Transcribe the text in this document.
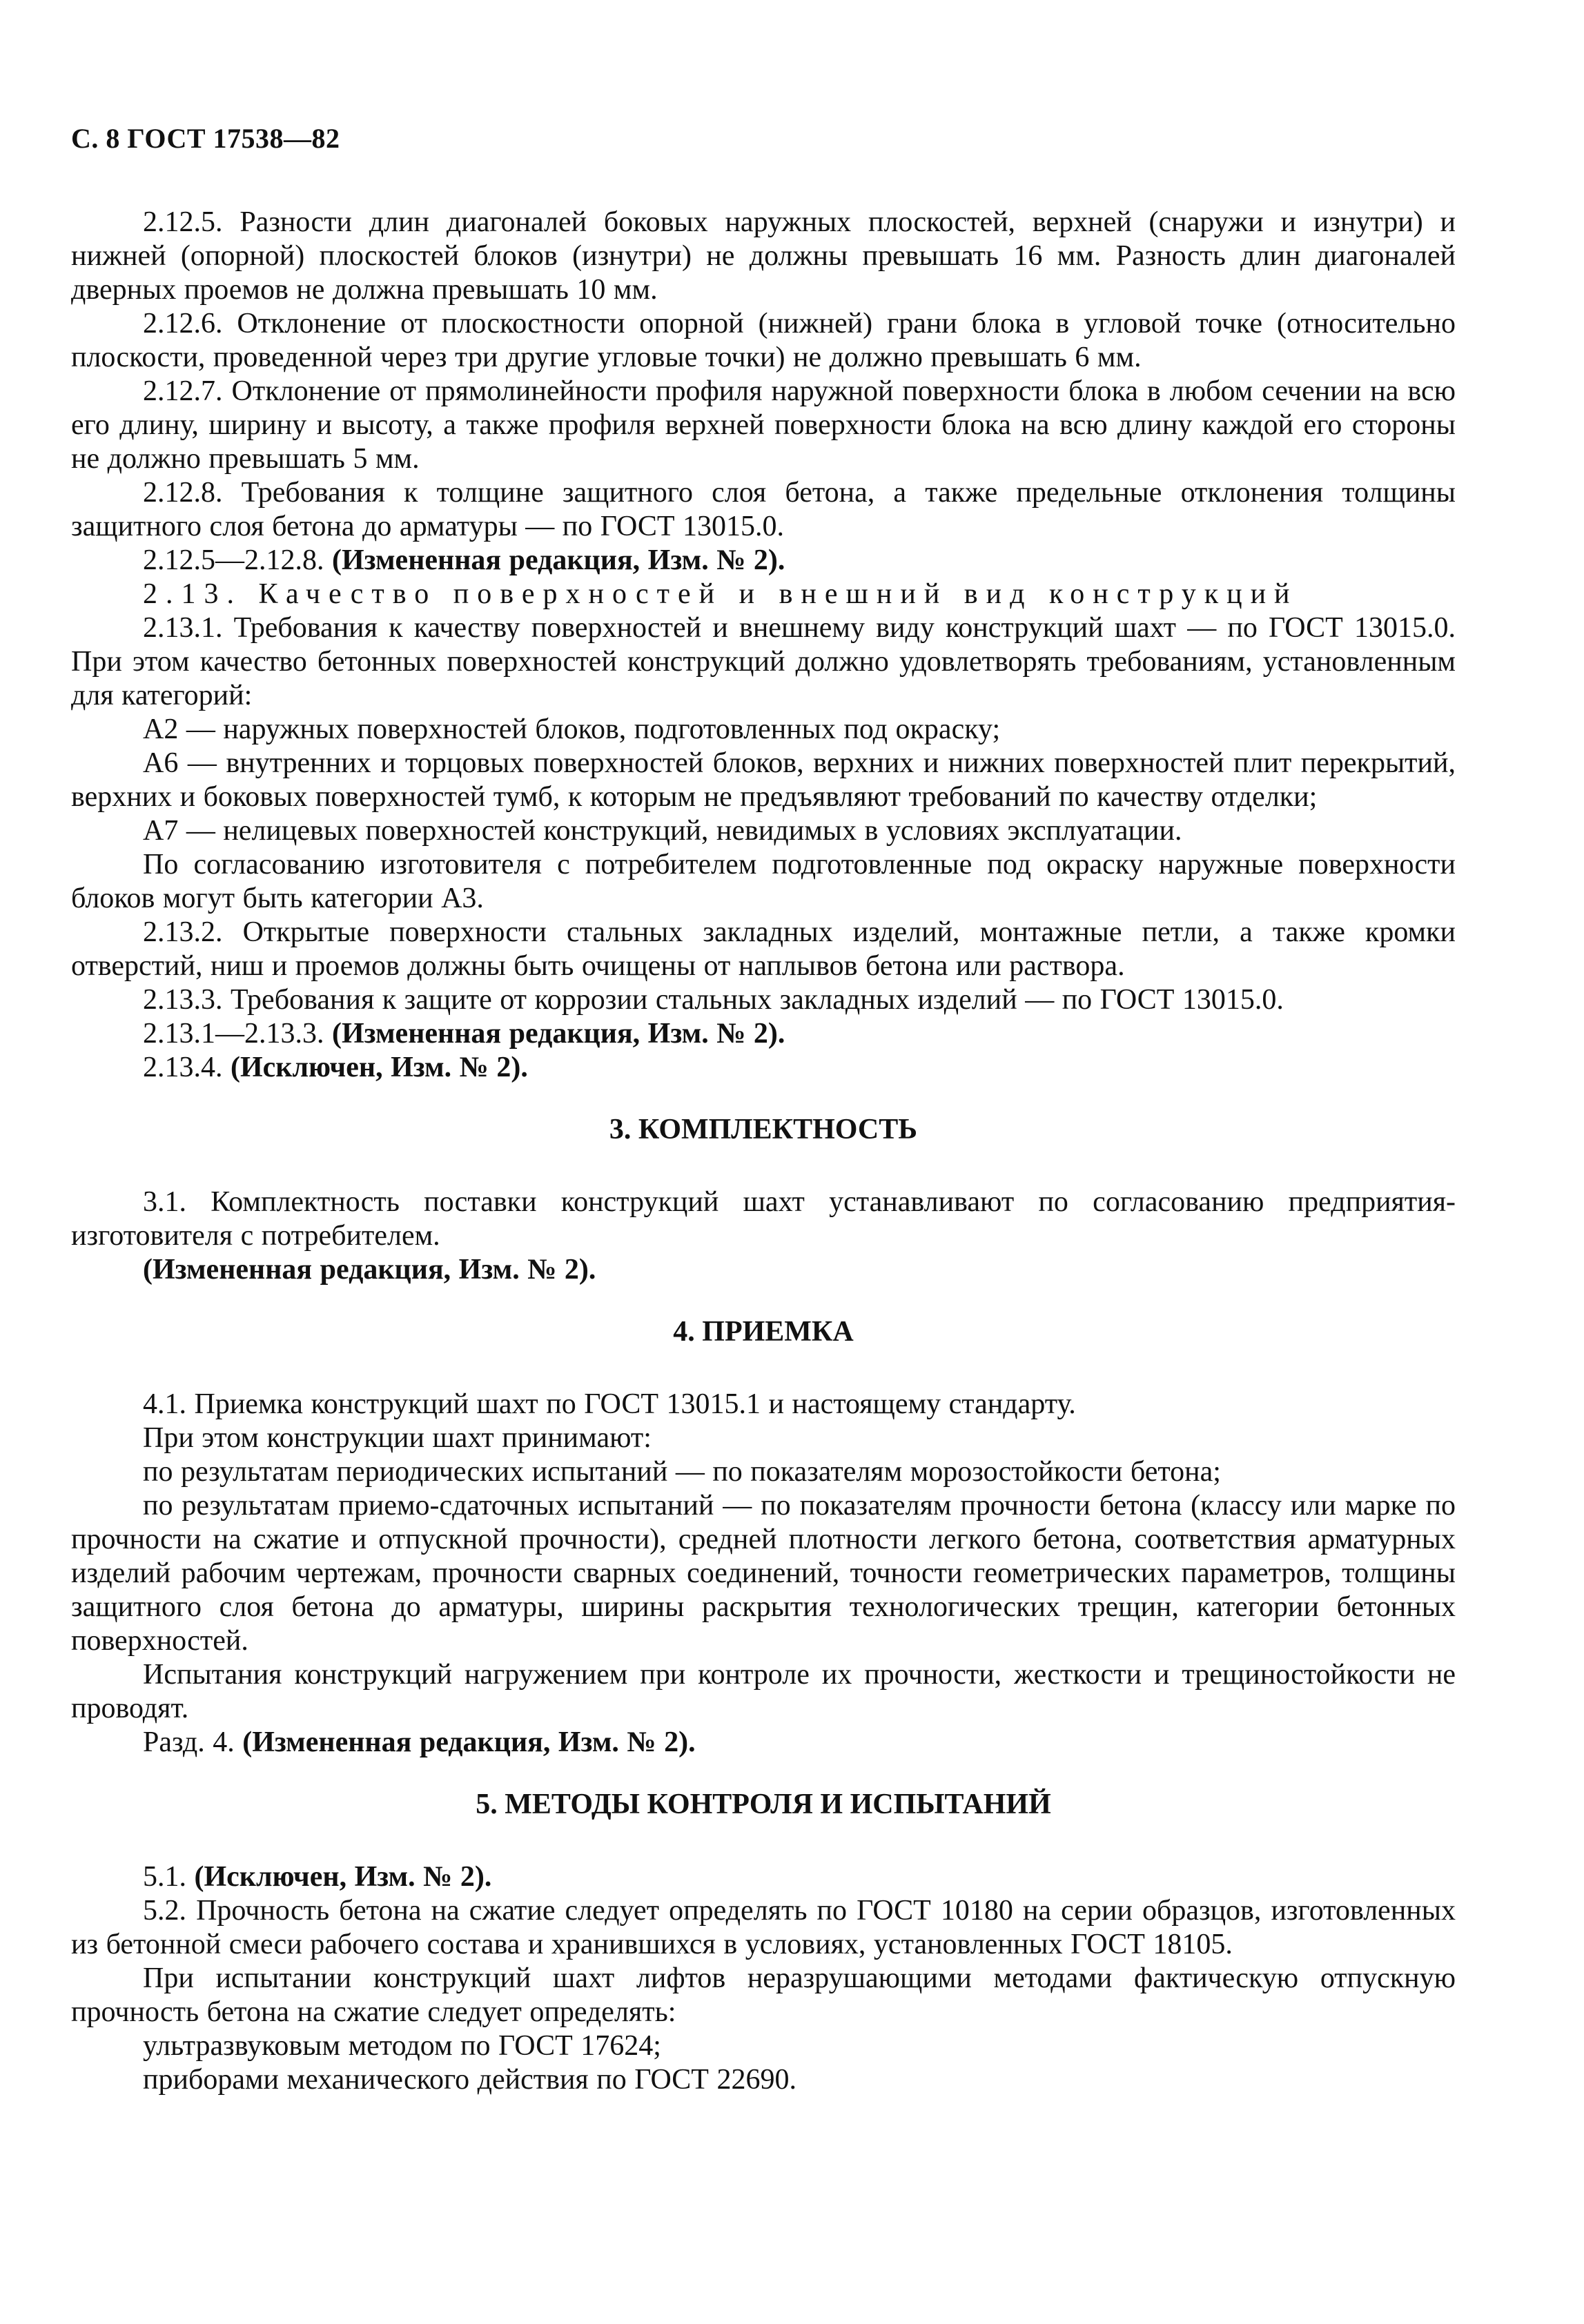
С. 8 ГОСТ 17538—82

2.12.5. Разности длин диагоналей боковых наружных плоскостей, верхней (снаружи и изнутри) и нижней (опорной) плоскостей блоков (изнутри) не должны превышать 16 мм. Разность длин диагоналей дверных проемов не должна превышать 10 мм.

2.12.6. Отклонение от плоскостности опорной (нижней) грани блока в угловой точке (относительно плоскости, проведенной через три другие угловые точки) не должно превышать 6 мм.

2.12.7. Отклонение от прямолинейности профиля наружной поверхности блока в любом сечении на всю его длину, ширину и высоту, а также профиля верхней поверхности блока на всю длину каждой его стороны не должно превышать 5 мм.

2.12.8. Требования к толщине защитного слоя бетона, а также предельные отклонения толщины защитного слоя бетона до арматуры — по ГОСТ 13015.0.

2.12.5—2.12.8. (Измененная редакция, Изм. № 2).

2.13. Качество поверхностей и внешний вид конструкций

2.13.1. Требования к качеству поверхностей и внешнему виду конструкций шахт — по ГОСТ 13015.0. При этом качество бетонных поверхностей конструкций должно удовлетворять требованиям, установленным для категорий:

А2 — наружных поверхностей блоков, подготовленных под окраску;

А6 — внутренних и торцовых поверхностей блоков, верхних и нижних поверхностей плит перекрытий, верхних и боковых поверхностей тумб, к которым не предъявляют требований по качеству отделки;

А7 — нелицевых поверхностей конструкций, невидимых в условиях эксплуатации.

По согласованию изготовителя с потребителем подготовленные под окраску наружные поверхности блоков могут быть категории А3.

2.13.2. Открытые поверхности стальных закладных изделий, монтажные петли, а также кромки отверстий, ниш и проемов должны быть очищены от наплывов бетона или раствора.

2.13.3. Требования к защите от коррозии стальных закладных изделий — по ГОСТ 13015.0.

2.13.1—2.13.3. (Измененная редакция, Изм. № 2).

2.13.4. (Исключен, Изм. № 2).

3. КОМПЛЕКТНОСТЬ

3.1. Комплектность поставки конструкций шахт устанавливают по согласованию предприятия-изготовителя с потребителем.

(Измененная редакция, Изм. № 2).

4. ПРИЕМКА

4.1. Приемка конструкций шахт по ГОСТ 13015.1 и настоящему стандарту.

При этом конструкции шахт принимают:

по результатам периодических испытаний — по показателям морозостойкости бетона;

по результатам приемо-сдаточных испытаний — по показателям прочности бетона (классу или марке по прочности на сжатие и отпускной прочности), средней плотности легкого бетона, соответствия арматурных изделий рабочим чертежам, прочности сварных соединений, точности геометрических параметров, толщины защитного слоя бетона до арматуры, ширины раскрытия технологических трещин, категории бетонных поверхностей.

Испытания конструкций нагружением при контроле их прочности, жесткости и трещиностойкости не проводят.

Разд. 4. (Измененная редакция, Изм. № 2).

5. МЕТОДЫ КОНТРОЛЯ И ИСПЫТАНИЙ

5.1. (Исключен, Изм. № 2).

5.2. Прочность бетона на сжатие следует определять по ГОСТ 10180 на серии образцов, изготовленных из бетонной смеси рабочего состава и хранившихся в условиях, установленных ГОСТ 18105.

При испытании конструкций шахт лифтов неразрушающими методами фактическую отпускную прочность бетона на сжатие следует определять:

ультразвуковым методом по ГОСТ 17624;

приборами механического действия по ГОСТ 22690.
